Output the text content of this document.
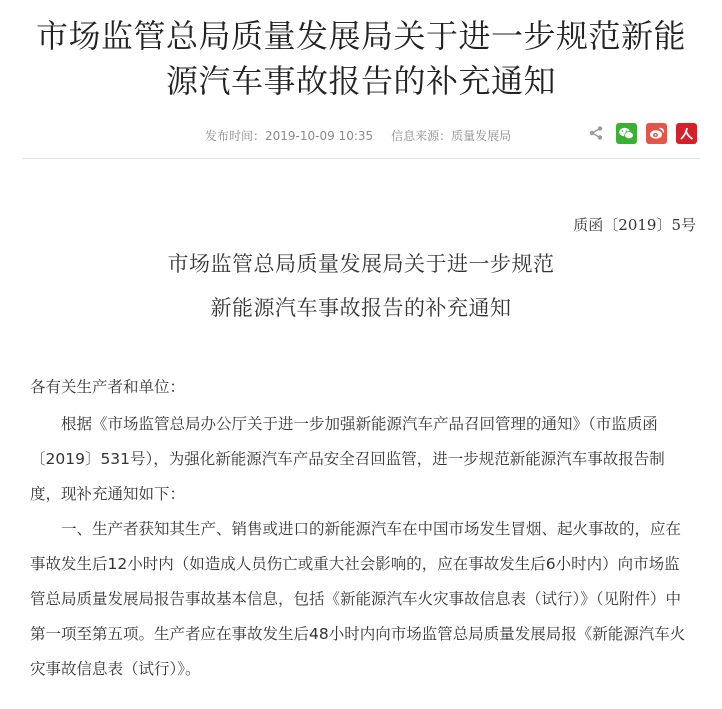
市场监管总局质量发展局关于进一步规范新能
源汽车事故报告的补充通知
发布时间：2019-10-09 10:35 信息来源：质量发展局
质函〔2019〕5号
市场监管总局质量发展局关于进一步规范
新能源汽车事故报告的补充通知
各有关生产者和单位：

根据《市场监管总局办公厅关于进一步加强新能源汽车产品召回管理的通知》（市监质函〔2019〕531号），为强化新能源汽车产品安全召回监管，进一步规范新能源汽车事故报告制度，现补充通知如下：

一、生产者获知其生产、销售或进口的新能源汽车在中国市场发生冒烟、起火事故的，应在事故发生后12小时内（如造成人员伤亡或重大社会影响的，应在事故发生后6小时内）向市场监管总局质量发展局报告事故基本信息，包括《新能源汽车火灾事故信息表（试行）》（见附件）中第一项至第五项。生产者应在事故发生后48小时内向市场监管总局质量发展局报《新能源汽车火灾事故信息表（试行）》。
